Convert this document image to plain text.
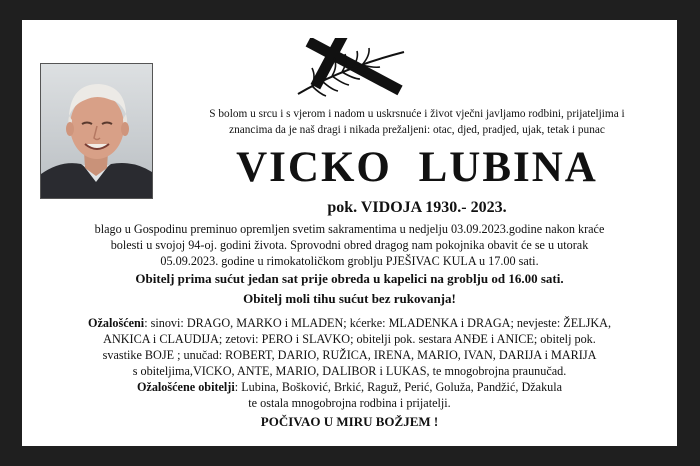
S bolom u srcu i s vjerom i nadom u uskrsnuće i život vječni javljamo rodbini, prijateljima i
znancima da je naš dragi i nikada prežaljeni: otac, djed, pradjed, ujak, tetak i punac
VICKO LUBINA
pok. VIDOJA 1930.- 2023.

blago u Gospodinu preminuo opremljen svetim sakramentima u nedjelju 03.09.2023.godine nakon kraće

bolesti u svojoj 94-oj. godini života. Sprovodni obred dragog nam pokojnika obavit će se u utorak

05.09.2023. godine u rimokatoličkom groblju PJEŠIVAC KULA u 17.00 sati.

Obitelj prima sućut jedan sat prije obreda u kapelici na groblju od 16.00 sati.

Obitelj moli tihu sućut bez rukovanja!

Ožalošćeni: sinovi: DRAGO, MARKO i MLADEN; kćerke: MLADENKA i DRAGA; nevjeste: ŽELJKA,

ANKICA i CLAUDIJA; zetovi: PERO i SLAVKO; obitelji pok. sestara ANĐE i ANICE; obitelj pok.

svastike BOJE ; unučad: ROBERT, DARIO, RUŽICA, IRENA, MARIO, IVAN, DARIJA i MARIJA

s obiteljima,VICKO, ANTE, MARIO, DALIBOR i LUKAS, te mnogobrojna praunučad.

Ožalošćene obitelji: Lubina, Bošković, Brkić, Raguž, Perić, Goluža, Pandžić, Džakula

te ostala mnogobrojna rodbina i prijatelji.

POČIVAO U MIRU BOŽJEM !
